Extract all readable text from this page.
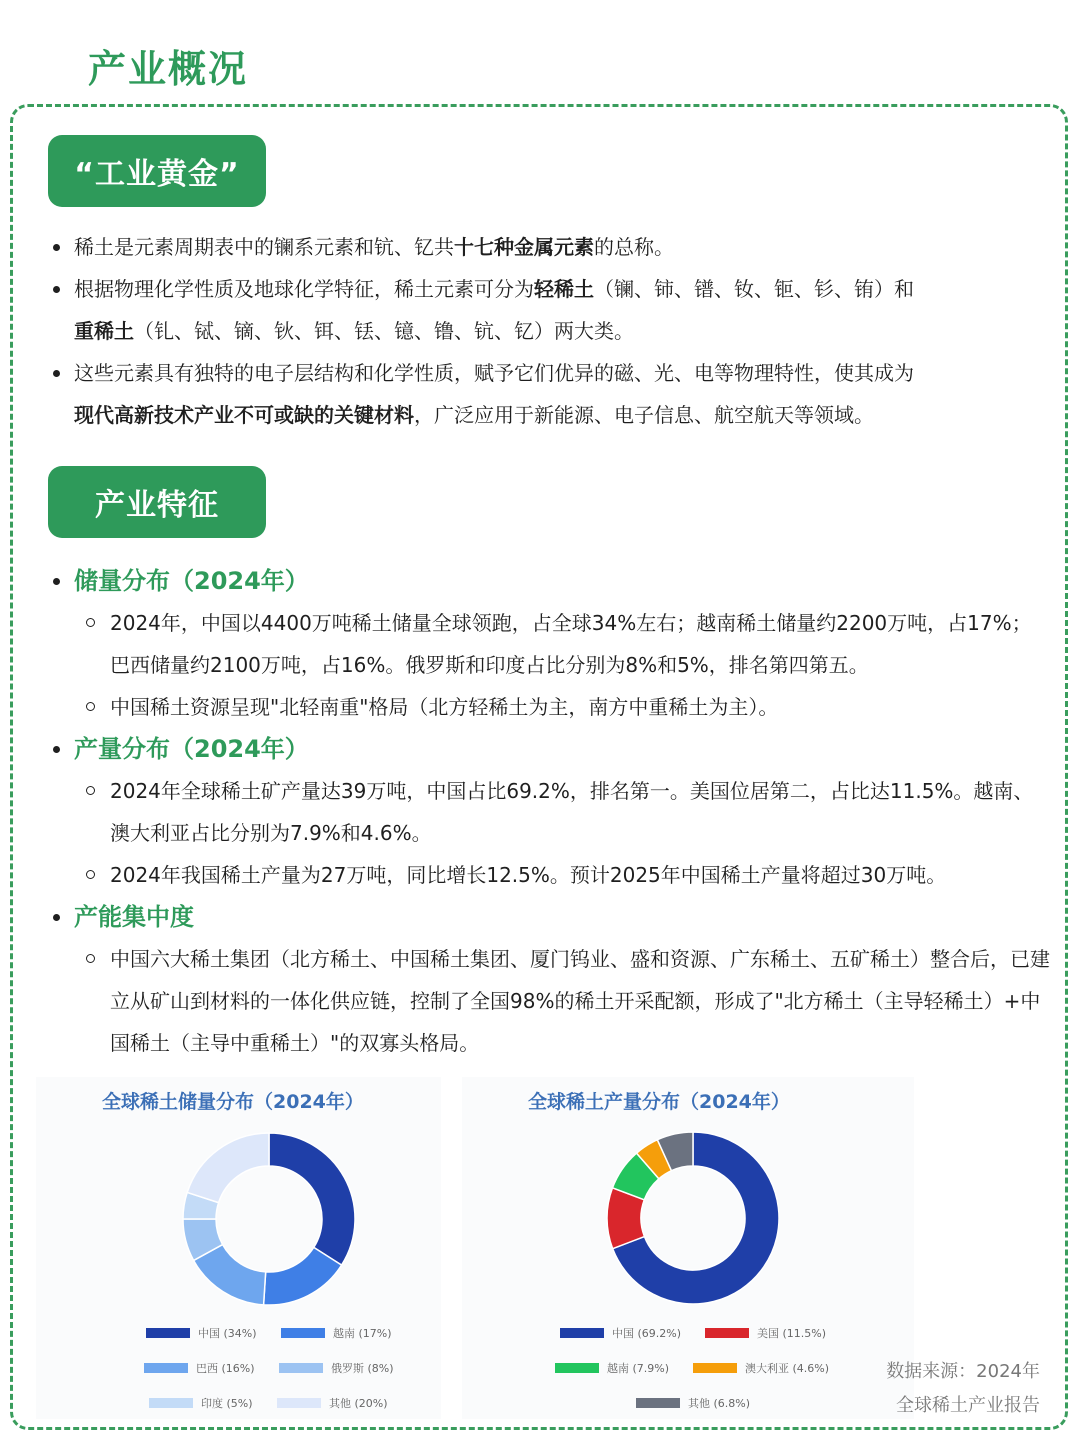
产业概况
“工业黄金”
稀土是元素周期表中的镧系元素和钪、钇共十七种金属元素的总称。
根据物理化学性质及地球化学特征，稀土元素可分为轻稀土（镧、铈、镨、钕、钷、钐、铕）和
重稀土（钆、铽、镝、钬、铒、铥、镱、镥、钪、钇）两大类。
这些元素具有独特的电子层结构和化学性质，赋予它们优异的磁、光、电等物理特性，使其成为
现代高新技术产业不可或缺的关键材料，广泛应用于新能源、电子信息、航空航天等领域。
产业特征
储量分布（2024年）
2024年，中国以4400万吨稀土储量全球领跑，占全球34%左右；越南稀土储量约2200万吨，占17%；巴西储量约2100万吨，占16%。俄罗斯和印度占比分别为8%和5%，排名第四第五。
中国稀土资源呈现"北轻南重"格局（北方轻稀土为主，南方中重稀土为主）。
产量分布（2024年）
2024年全球稀土矿产量达39万吨，中国占比69.2%，排名第一。美国位居第二，占比达11.5%。越南、澳大利亚占比分别为7.9%和4.6%。
2024年我国稀土产量为27万吨，同比增长12.5%。预计2025年中国稀土产量将超过30万吨。
产能集中度
中国六大稀土集团（北方稀土、中国稀土集团、厦门钨业、盛和资源、广东稀土、五矿稀土）整合后，已建立从矿山到材料的一体化供应链，控制了全国98%的稀土开采配额，形成了"北方稀土（主导轻稀土）+中国稀土（主导中重稀土）"的双寡头格局。
全球稀土储量分布（2024年）
中国 (34%)	越南 (17%)
巴西 (16%)	俄罗斯 (8%)
印度 (5%)	其他 (20%)
全球稀土产量分布（2024年）
中国 (69.2%)	美国 (11.5%)
越南 (7.9%)	澳大利亚 (4.6%)
其他 (6.8%)
数据来源：2024年
全球稀土产业报告
